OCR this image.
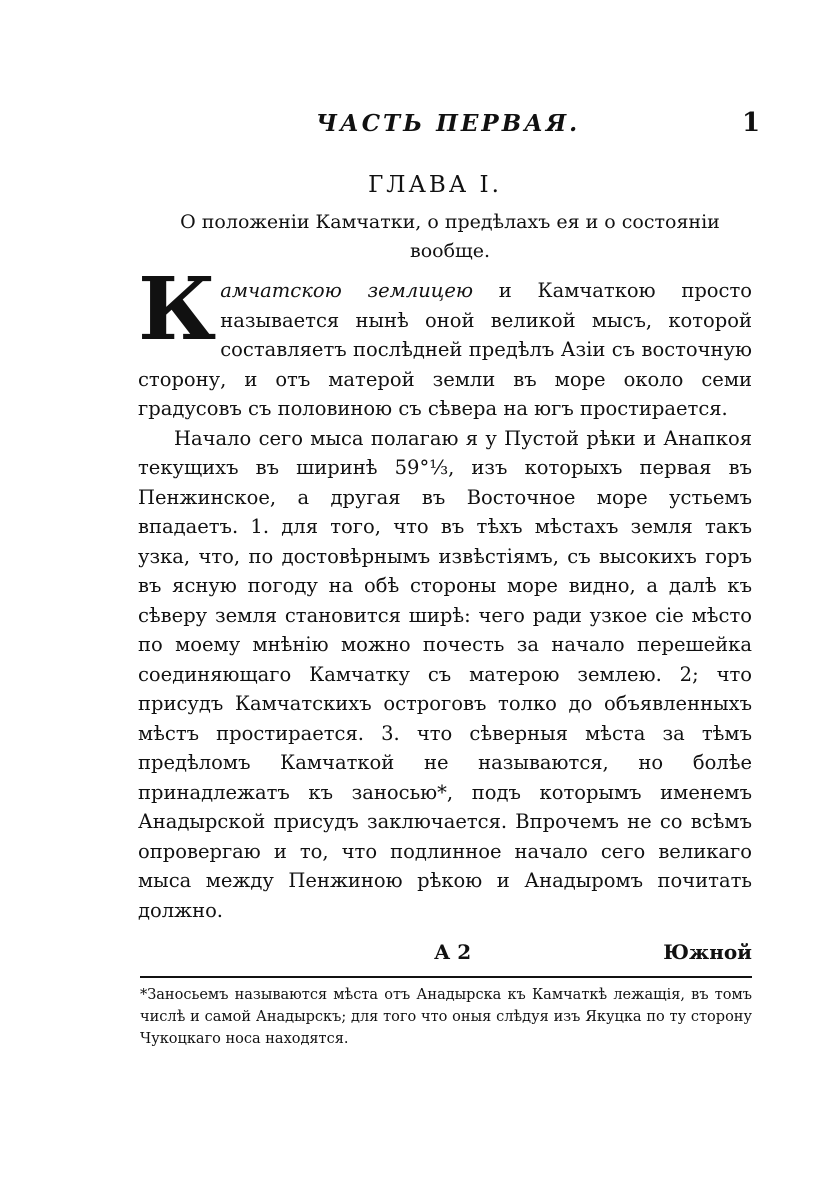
ЧАСТЬ ПЕРВАЯ.	1
ГЛАВА I.
О положеніи Камчатки, о предѣлахъ ея и о состояніи вообще.

Камчатскою землицею и Камчаткою просто называется нынѣ оной великой мысъ, которой составляетъ послѣдней предѣлъ Азіи съ восточную сторону, и отъ матерой земли въ море около семи градусовъ съ половиною съ сѣвера на югъ простирается.

Начало сего мыса полагаю я у Пустой рѣки и Анапкоя текущихъ въ ширинѣ 59°⅓, изъ которыхъ первая въ Пенжинское, а другая въ Восточное море устьемъ впадаетъ. 1. для того, что въ тѣхъ мѣстахъ земля такъ узка, что, по достовѣрнымъ извѣстіямъ, съ высокихъ горъ въ ясную погоду на обѣ стороны море видно, а далѣ къ сѣверу земля становится ширѣ: чего ради узкое сіе мѣсто по моему мнѣнію можно почесть за начало перешейка соединяющаго Камчатку съ матерою землею. 2; что присудъ Камчатскихъ остроговъ толко до объявленныхъ мѣстъ простирается. 3. что сѣверныя мѣста за тѣмъ предѣломъ Камчаткой не называются, но болѣе принадлежатъ къ заносью*, подъ которымъ именемъ Анадырской присудъ заключается. Впрочемъ не со всѣмъ опровергаю и то, что подлинное начало сего великаго мыса между Пенжиною рѣкою и Анадыромъ почитать должно.

А 2	Южной
*Заносьемъ называются мѣста отъ Анадырска къ Камчаткѣ лежащія, въ томъ числѣ и самой Анадырскъ; для того что оныя слѣдуя изъ Якуцка по ту сторону Чукоцкаго носа находятся.
